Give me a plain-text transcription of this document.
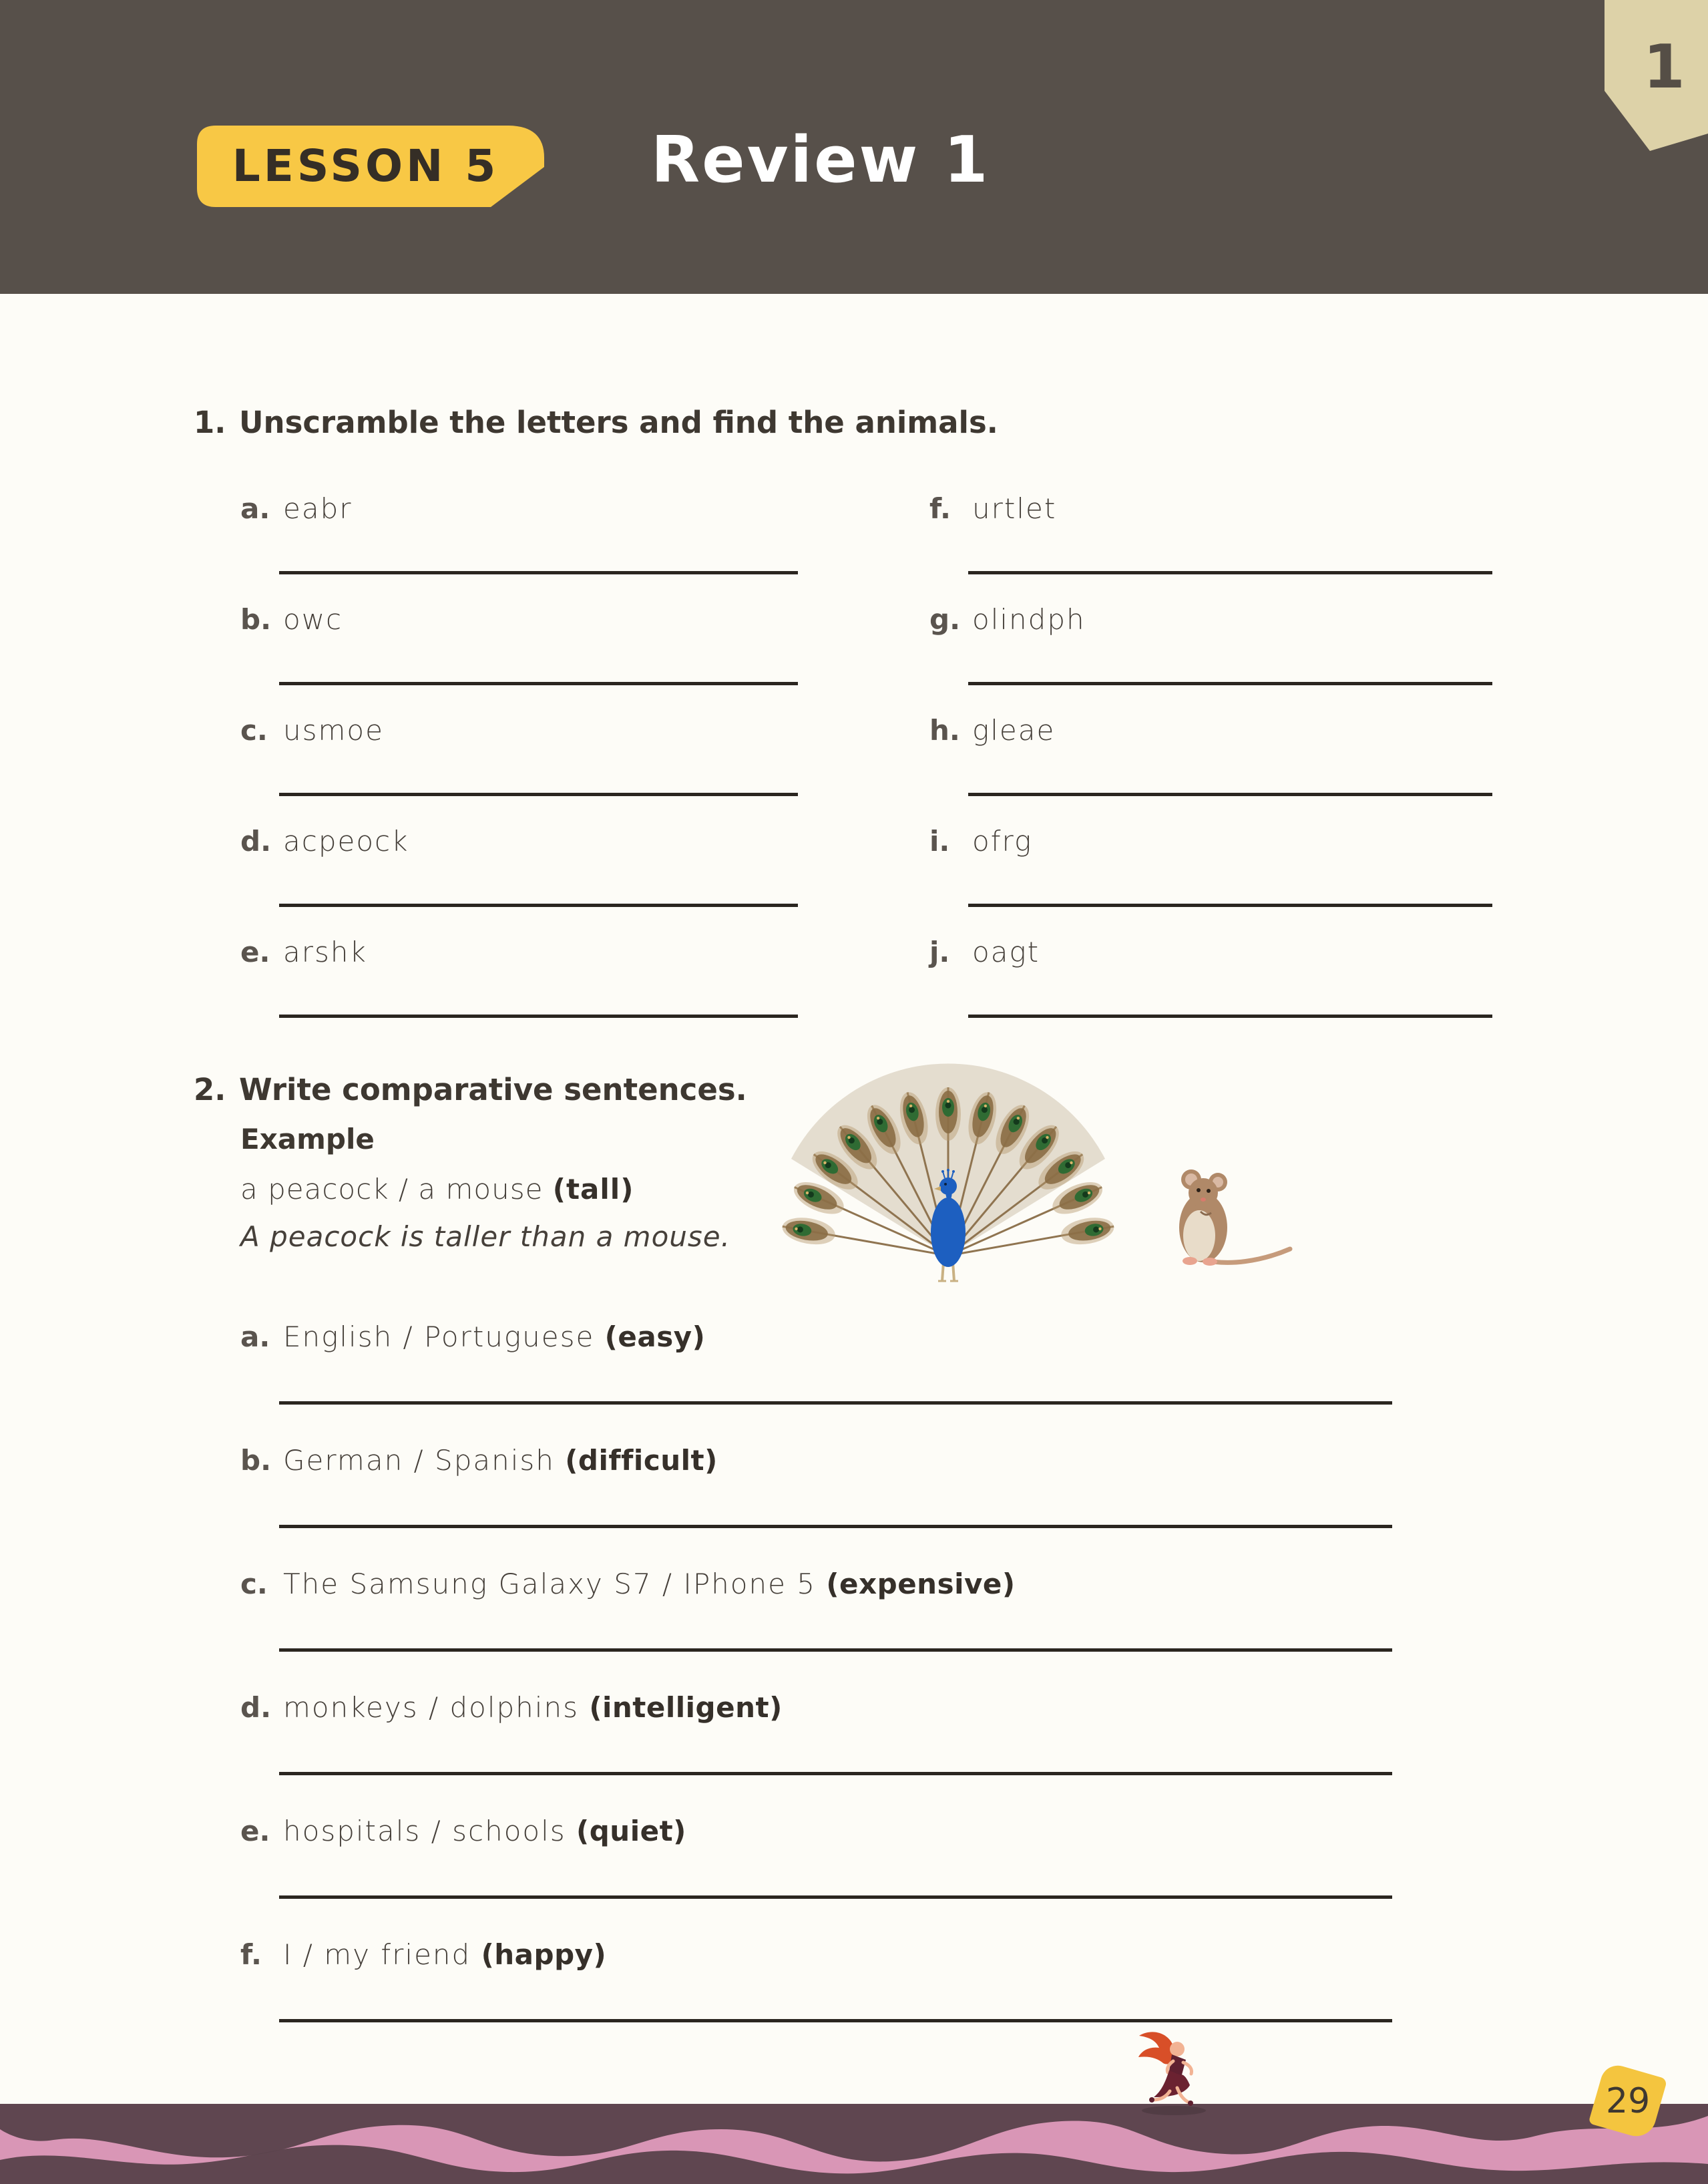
LESSON 5	Review 1
1
1. Unscramble the letters and find the animals.
a. eabr
b. owc
c. usmoe
d. acpeock
e. arshk
f. urtlet
g. olindph
h. gleae
i. ofrg
j. oagt
2. Write comparative sentences.
Example
a peacock / a mouse (tall)
A peacock is taller than a mouse.
a. English / Portuguese (easy)
b. German / Spanish (difficult)
c. The Samsung Galaxy S7 / IPhone 5 (expensive)
d. monkeys / dolphins (intelligent)
e. hospitals / schools (quiet)
f. I / my friend (happy)
29
